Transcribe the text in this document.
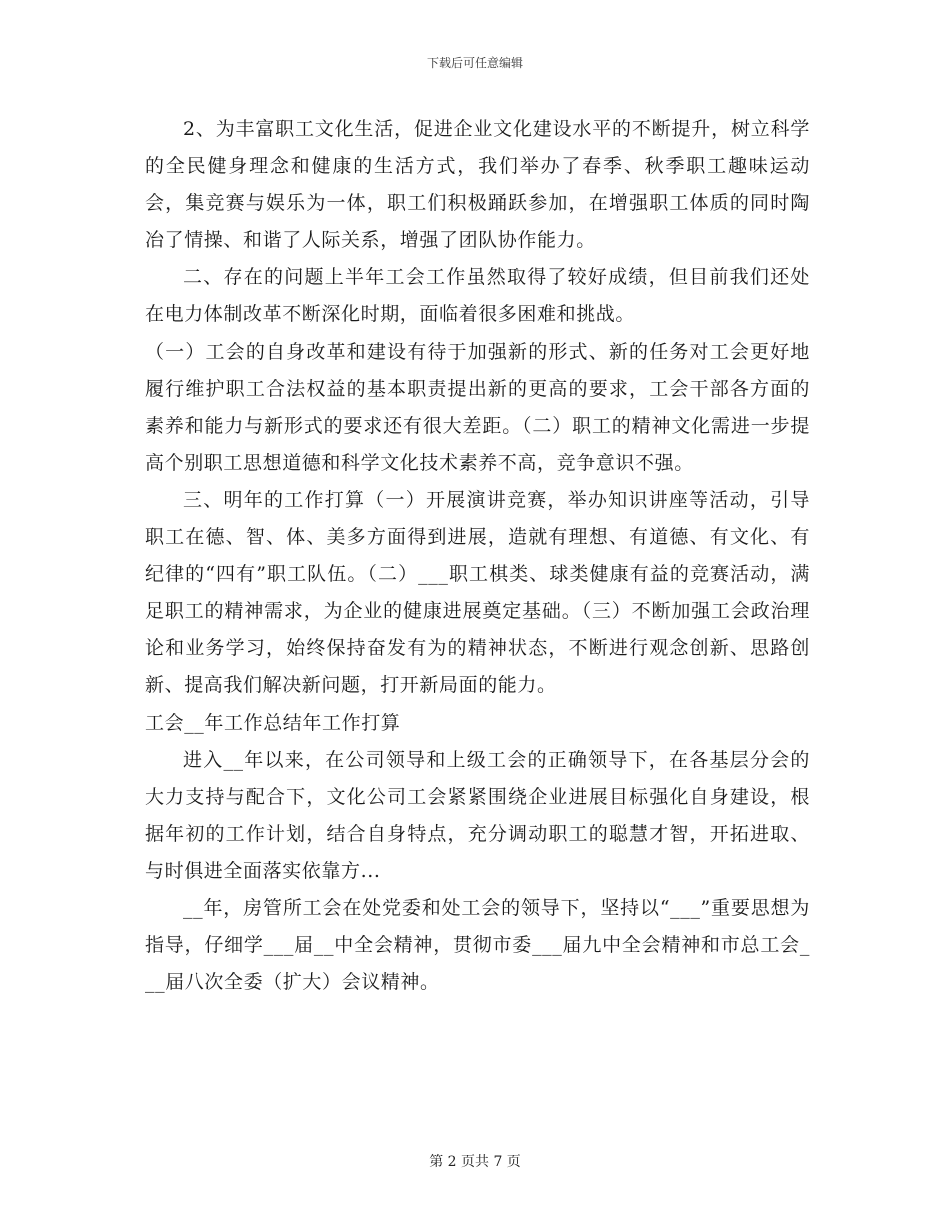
下载后可任意编辑

2、为丰富职工文化生活，促进企业文化建设水平的不断提升，树立科学的全民健身理念和健康的生活方式，我们举办了春季、秋季职工趣味运动会，集竞赛与娱乐为一体，职工们积极踊跃参加，在增强职工体质的同时陶冶了情操、和谐了人际关系，增强了团队协作能力。

二、存在的问题上半年工会工作虽然取得了较好成绩，但目前我们还处在电力体制改革不断深化时期，面临着很多困难和挑战。

（一）工会的自身改革和建设有待于加强新的形式、新的任务对工会更好地履行维护职工合法权益的基本职责提出新的更高的要求，工会干部各方面的素养和能力与新形式的要求还有很大差距。（二）职工的精神文化需进一步提高个别职工思想道德和科学文化技术素养不高，竞争意识不强。

三、明年的工作打算（一）开展演讲竞赛，举办知识讲座等活动，引导职工在德、智、体、美多方面得到进展，造就有理想、有道德、有文化、有纪律的“四有”职工队伍。（二）___职工棋类、球类健康有益的竞赛活动，满足职工的精神需求，为企业的健康进展奠定基础。（三）不断加强工会政治理论和业务学习，始终保持奋发有为的精神状态，不断进行观念创新、思路创新、提高我们解决新问题，打开新局面的能力。

工会__年工作总结年工作打算

进入__年以来，在公司领导和上级工会的正确领导下，在各基层分会的大力支持与配合下，文化公司工会紧紧围绕企业进展目标强化自身建设，根据年初的工作计划，结合自身特点，充分调动职工的聪慧才智，开拓进取、与时俱进全面落实依靠方...

__年，房管所工会在处党委和处工会的领导下，坚持以“___”重要思想为指导，仔细学___届__中全会精神，贯彻市委___届九中全会精神和市总工会___届八次全委（扩大）会议精神。

第 2 页共 7 页
